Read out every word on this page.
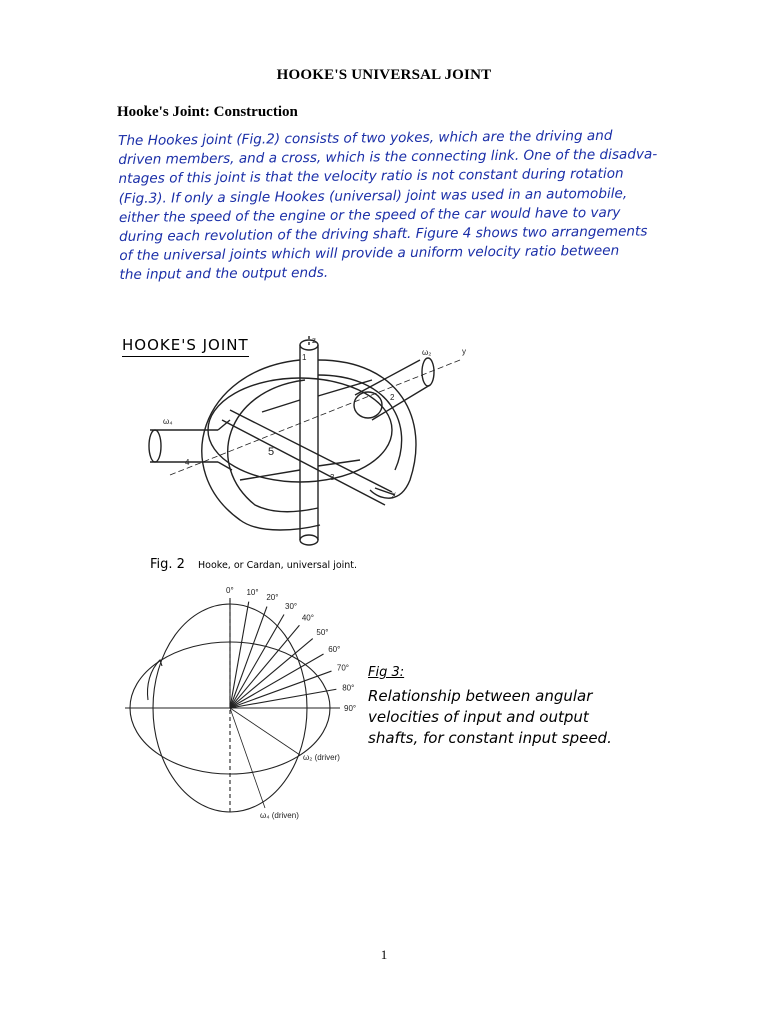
HOOKE'S UNIVERSAL JOINT
Hooke's Joint: Construction
The Hookes joint (Fig.2) consists of two yokes, which are the driving and
driven members, and a cross, which is the connecting link. One of the disadva-
ntages of this joint is that the velocity ratio is not constant during rotation
(Fig.3). If only a single Hookes (universal) joint was used in an automobile,
either the speed of the engine or the speed of the car would have to vary
during each revolution of the driving shaft. Figure 4 shows two arrangements
of the universal joints which will provide a uniform velocity ratio between
the input and the output ends.
HOOKE'S JOINT	z
y
x
ω₂
ω₄
1
2
3
4
5
Fig. 2 Hooke, or Cardan, universal joint.
0° 10°
20°
30°
40°
50°
60°
70°
80°
90°
ω₂ (driver)
ω₄ (driven)
Fig 3:
Relationship between angular
velocities of input and output
shafts, for constant input speed.
1
